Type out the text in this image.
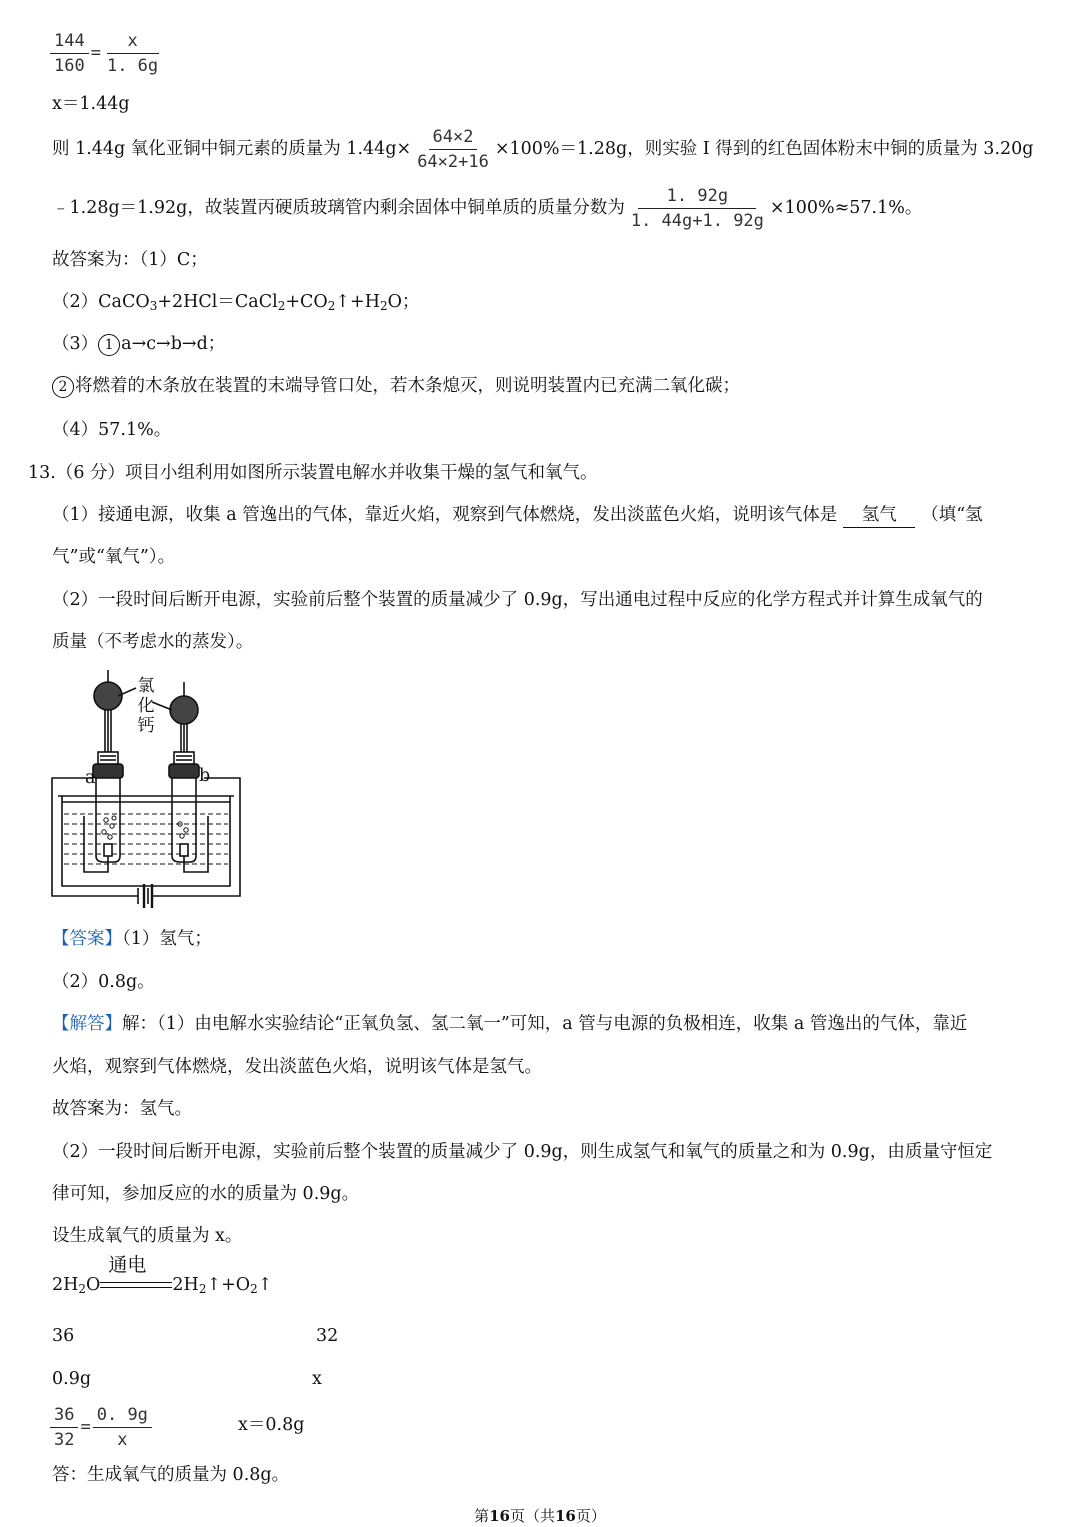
$\frac{144}{160} = \frac{x}{1. 6g}$
x＝1.44g
则 1.44g 氧化亚铜中铜元素的质量为 $1.44g\times \frac{64\times 2}{64\times 2+16} \times 100\%=1.28g$，则实验 I 得到的红色固体粉末中铜的质量为 3.20g
﹣1.28g＝1.92g，故装置丙硬质玻璃管内剩余固体中铜单质的质量分数为 $\frac{1. 92g}{1. 44g+1. 92g} \times 100\%\approx 57.1\%$。
故答案为：（1）C；
$(2)CaCO_3+2HCl=CaCl_2+CO_2↑+H_2O$；
（3） 1 a→c→b→d；
2 将燃着的木条放在装置的末端导管口处，若木条熄灭，则说明装置内已充满二氧化碳；
（4）57.1%。
13.（6 分）项目小组利用如图所示装置电解水并收集干燥的氢气和氧气。
（1）接通电源，收集 a 管逸出的气体，靠近火焰，观察到气体燃烧，发出淡蓝色火焰，说明该气体是 氢气 （填“氢
气”或“氧气”）。
（2）一段时间后断开电源，实验前后整个装置的质量减少了 0.9g，写出通电过程中反应的化学方程式并计算生成氧气的
质量（不考虑水的蒸发）。
氯
化
钙
a	b
【答案】（1）氢气；
（2）0.8g。
【解答】解：（1）由电解水实验结论“正氧负氢、氢二氧一”可知，a 管与电源的负极相连，收集 a 管逸出的气体，靠近
火焰，观察到气体燃烧，发出淡蓝色火焰，说明该气体是氢气。
故答案为：氢气。
（2）一段时间后断开电源，实验前后整个装置的质量减少了 0.9g，则生成氢气和氧气的质量之和为 0.9g，由质量守恒定
律可知，参加反应的水的质量为 0.9g。
设生成氧气的质量为 x。
$2H_2O$
通电
$2H_2↑+O_2↑$
36	32
0.9g	x
$\frac{36}{32} = \frac{0. 9g}{x}$	x＝0.8g
答：生成氧气的质量为 0.8g。
第16页（共16页）
